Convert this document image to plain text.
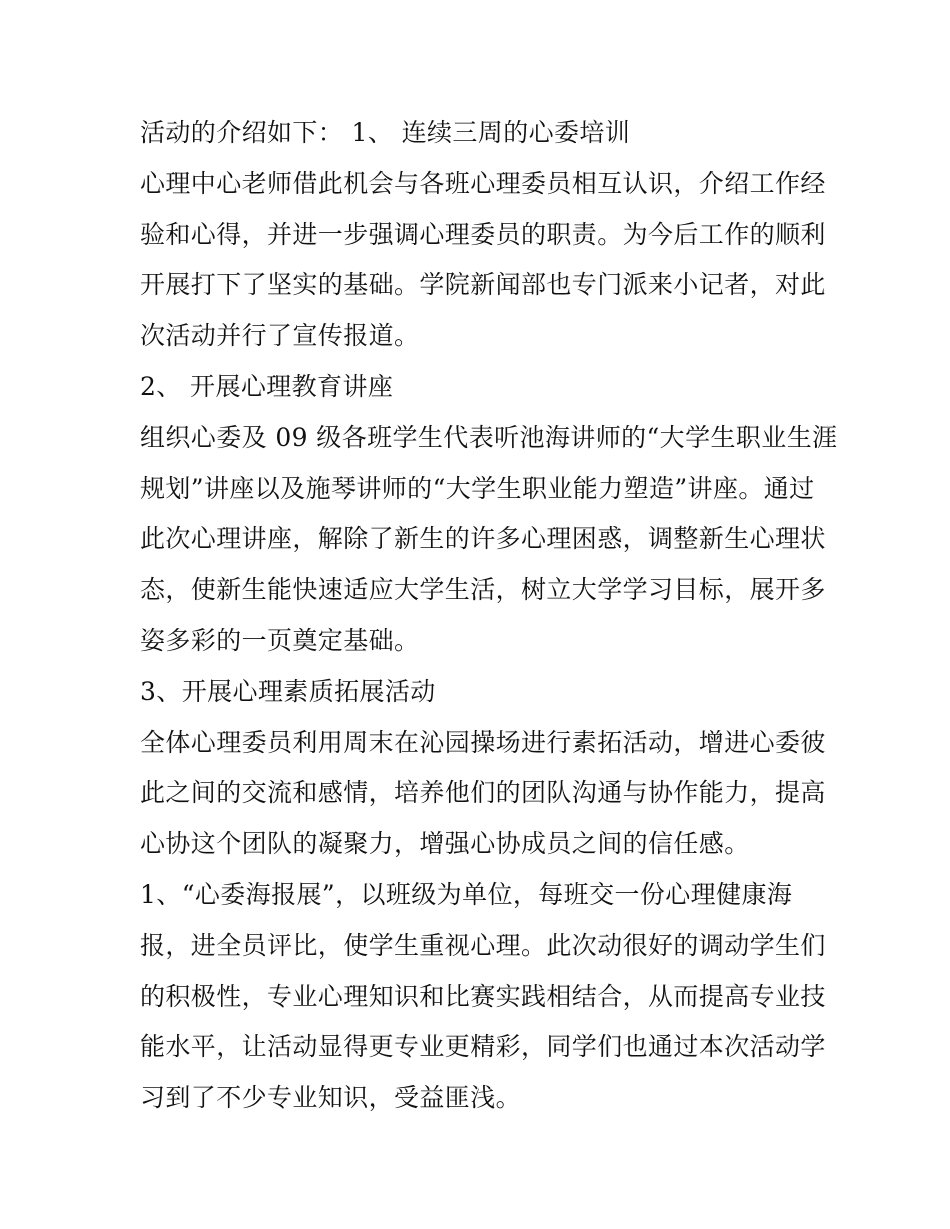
活动的介绍如下： 1、 连续三周的心委培训
心理中心老师借此机会与各班心理委员相互认识，介绍工作经
验和心得，并进一步强调心理委员的职责。为今后工作的顺利
开展打下了坚实的基础。学院新闻部也专门派来小记者，对此
次活动并行了宣传报道。
2、 开展心理教育讲座
组织心委及 09 级各班学生代表听池海讲师的“大学生职业生涯
规划”讲座以及施琴讲师的“大学生职业能力塑造”讲座。通过
此次心理讲座，解除了新生的许多心理困惑，调整新生心理状
态，使新生能快速适应大学生活，树立大学学习目标，展开多
姿多彩的一页奠定基础。
3、开展心理素质拓展活动
全体心理委员利用周末在沁园操场进行素拓活动，增进心委彼
此之间的交流和感情，培养他们的团队沟通与协作能力，提高
心协这个团队的凝聚力，增强心协成员之间的信任感。
1、“心委海报展”，以班级为单位，每班交一份心理健康海
报，进全员评比，使学生重视心理。此次动很好的调动学生们
的积极性，专业心理知识和比赛实践相结合，从而提高专业技
能水平，让活动显得更专业更精彩，同学们也通过本次活动学
习到了不少专业知识，受益匪浅。
